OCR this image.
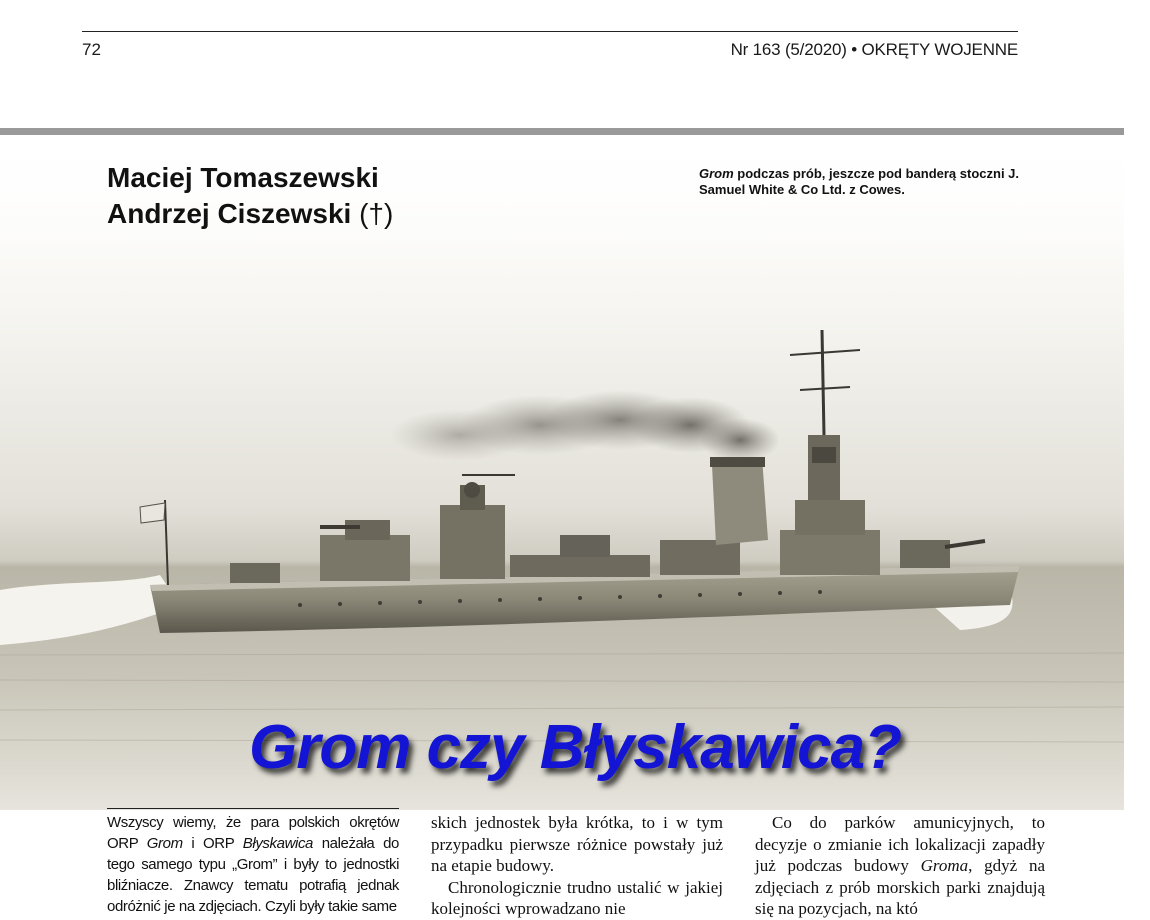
72	Nr 163 (5/2020) • OKRĘTY WOJENNE
Maciej Tomaszewski
Andrzej Ciszewski (†)
Grom podczas prób, jeszcze pod banderą stoczni J. Samuel White & Co Ltd. z Cowes.
Grom czy Błyskawica?

Wszyscy wiemy, że para polskich okrętów ORP Grom i ORP Błyskawica należała do tego samego typu „Grom” i były to jednostki bliźniacze. Znawcy tematu potrafią jednak odróżnić je na zdjęciach. Czyli były takie same

skich jednostek była krótka, to i w tym przypadku pierwsze różnice powstały już na etapie budowy.

Chronologicznie trudno ustalić w jakiej kolejności wprowadzano nie

Co do parków amunicyjnych, to decyzje o zmianie ich lokalizacji zapadły już podczas budowy Groma, gdyż na zdjęciach z prób morskich parki znajdują się na pozycjach, na któ
